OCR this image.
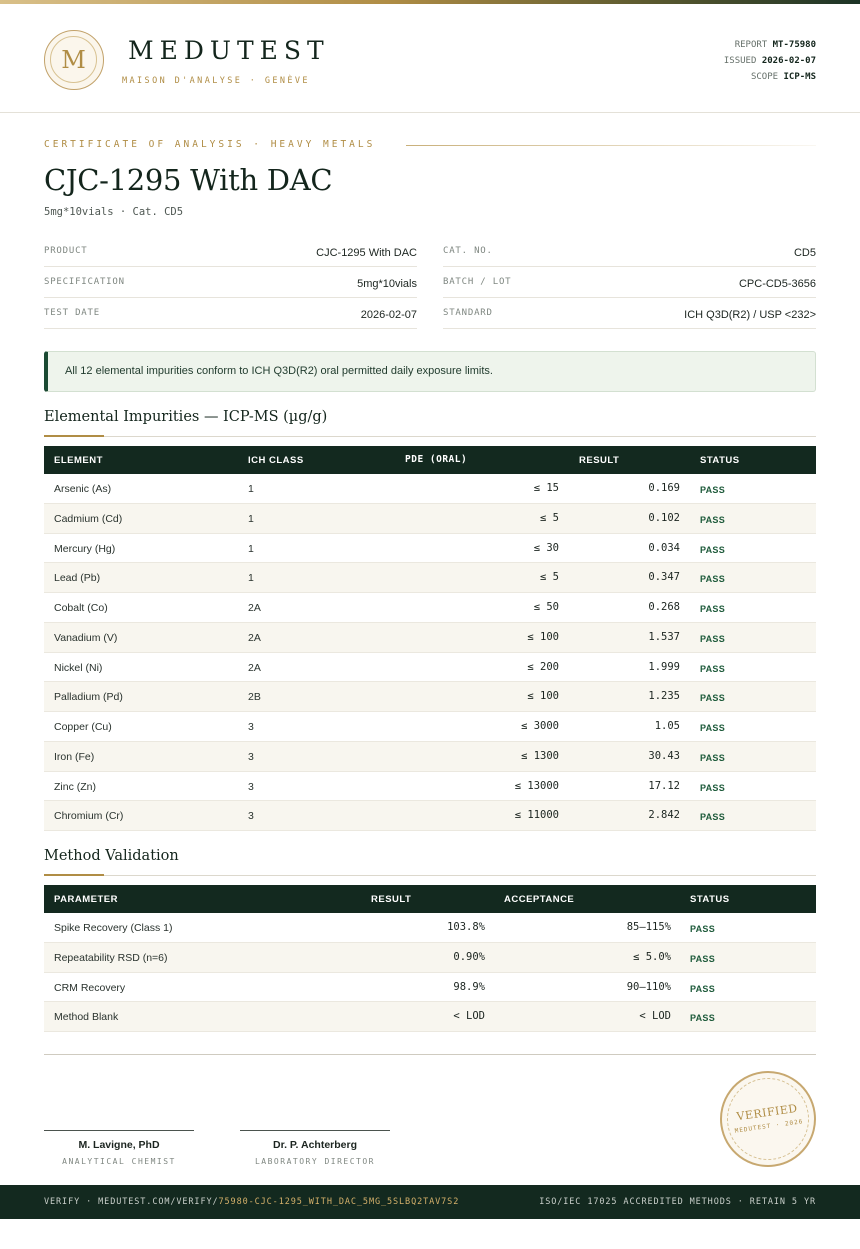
M	MEDUTEST
MAISON D'ANALYSE · GENÈVE
REPORT MT-75980
ISSUED 2026-02-07
SCOPE ICP-MS
CERTIFICATE OF ANALYSIS · HEAVY METALS
CJC-1295 With DAC
5mg*10vials · Cat. CD5
PRODUCT	CJC-1295 With DAC
SPECIFICATION	5mg*10vials
TEST DATE	2026-02-07
CAT. NO.	CD5
BATCH / LOT	CPC-CD5-3656
STANDARD	ICH Q3D(R2) / USP <232>
All 12 elemental impurities conform to ICH Q3D(R2) oral permitted daily exposure limits.
Elemental Impurities — ICP-MS (µg/g)
ELEMENT	ICH CLASS	PDE (ORAL)	RESULT	STATUS
Arsenic (As)	1	≤ 15	0.169 PASS
Cadmium (Cd)	1	≤ 5	0.102 PASS
Mercury (Hg)	1	≤ 30	0.034 PASS
Lead (Pb)	1	≤ 5	0.347 PASS
Cobalt (Co)	2A	≤ 50	0.268 PASS
Vanadium (V)	2A	≤ 100	1.537 PASS
Nickel (Ni)	2A	≤ 200	1.999 PASS
Palladium (Pd)	2B	≤ 100	1.235 PASS
Copper (Cu)	3	≤ 3000	1.05 PASS
Iron (Fe)	3	≤ 1300	30.43 PASS
Zinc (Zn)	3	≤ 13000	17.12 PASS
Chromium (Cr)	3	≤ 11000	2.842 PASS
Method Validation
PARAMETER	RESULT	ACCEPTANCE	STATUS
Spike Recovery (Class 1)	103.8%	85–115% PASS
Repeatability RSD (n=6)	0.90%	≤ 5.0% PASS
CRM Recovery	98.9%	90–110% PASS
Method Blank	< LOD	< LOD PASS
M. Lavigne, PhD
ANALYTICAL CHEMIST
Dr. P. Achterberg
LABORATORY DIRECTOR
VERIFIED
MEDUTEST · 2026
VERIFY · MEDUTEST.COM/VERIFY/75980-CJC-1295_WITH_DAC_5MG_5SLBQ2TAV7S2	ISO/IEC 17025 ACCREDITED METHODS · RETAIN 5 YR
